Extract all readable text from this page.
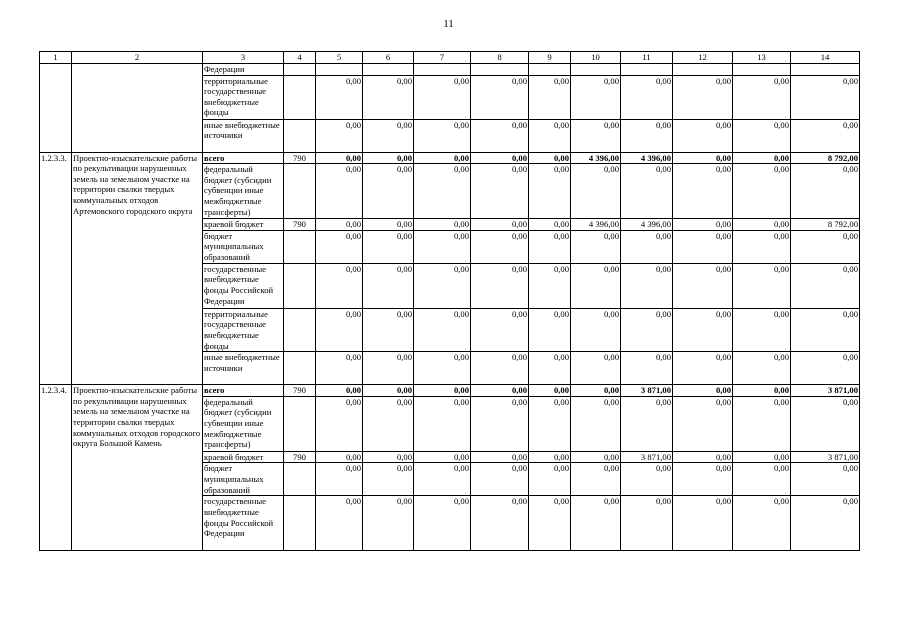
11
1	2	3	4	5	6	7	8	9	10	11	12	13	14
		Федерации											
		территориальные государственные внебюджетные фонды		0,00	0,00	0,00	0,00	0,00	0,00	0,00	0,00	0,00	0,00
		иные внебюджетные источники		0,00	0,00	0,00	0,00	0,00	0,00	0,00	0,00	0,00	0,00
1.2.3.3.	Проектно-изыскательские работы по рекультивации нарушенных земель на земельном участке на территории свалки твердых коммунальных отходов Артемовского городского округа	всего	790	0,00	0,00	0,00	0,00	0,00	4 396,00	4 396,00	0,00	0,00	8 792,00
		федеральный бюджет (субсидии субвенции иные межбюджетные трансферты)		0,00	0,00	0,00	0,00	0,00	0,00	0,00	0,00	0,00	0,00
		краевой бюджет	790	0,00	0,00	0,00	0,00	0,00	4 396,00	4 396,00	0,00	0,00	8 792,00
		бюджет муниципальных образований		0,00	0,00	0,00	0,00	0,00	0,00	0,00	0,00	0,00	0,00
		государственные внебюджетные фонды Российской Федерации		0,00	0,00	0,00	0,00	0,00	0,00	0,00	0,00	0,00	0,00
		территориальные государственные внебюджетные фонды		0,00	0,00	0,00	0,00	0,00	0,00	0,00	0,00	0,00	0,00
		иные внебюджетные источники		0,00	0,00	0,00	0,00	0,00	0,00	0,00	0,00	0,00	0,00
1.2.3.4.	Проектно-изыскательские работы по рекультивации нарушенных земель на земельном участке на территории свалки твердых коммунальных отходов городского округа Большой Камень	всего	790	0,00	0,00	0,00	0,00	0,00	0,00	3 871,00	0,00	0,00	3 871,00
		федеральный бюджет (субсидии субвенции иные межбюджетные трансферты)		0,00	0,00	0,00	0,00	0,00	0,00	0,00	0,00	0,00	0,00
		краевой бюджет	790	0,00	0,00	0,00	0,00	0,00	0,00	3 871,00	0,00	0,00	3 871,00
		бюджет муниципальных образований		0,00	0,00	0,00	0,00	0,00	0,00	0,00	0,00	0,00	0,00
		государственные внебюджетные фонды Российской Федерации		0,00	0,00	0,00	0,00	0,00	0,00	0,00	0,00	0,00	0,00
